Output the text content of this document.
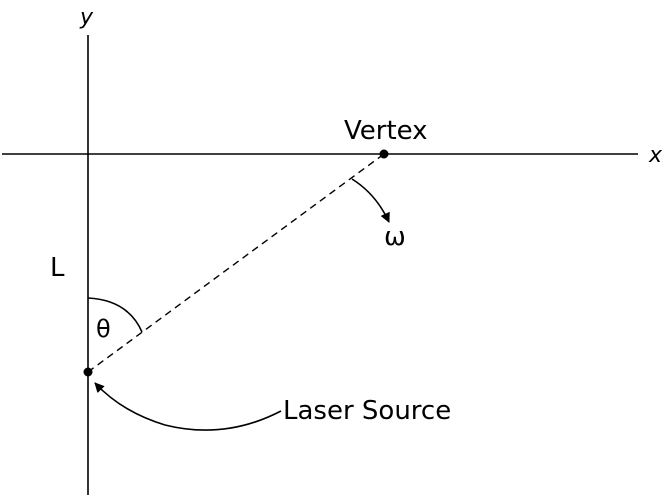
x
y
Vertex
ω
L
θ
Laser Source
